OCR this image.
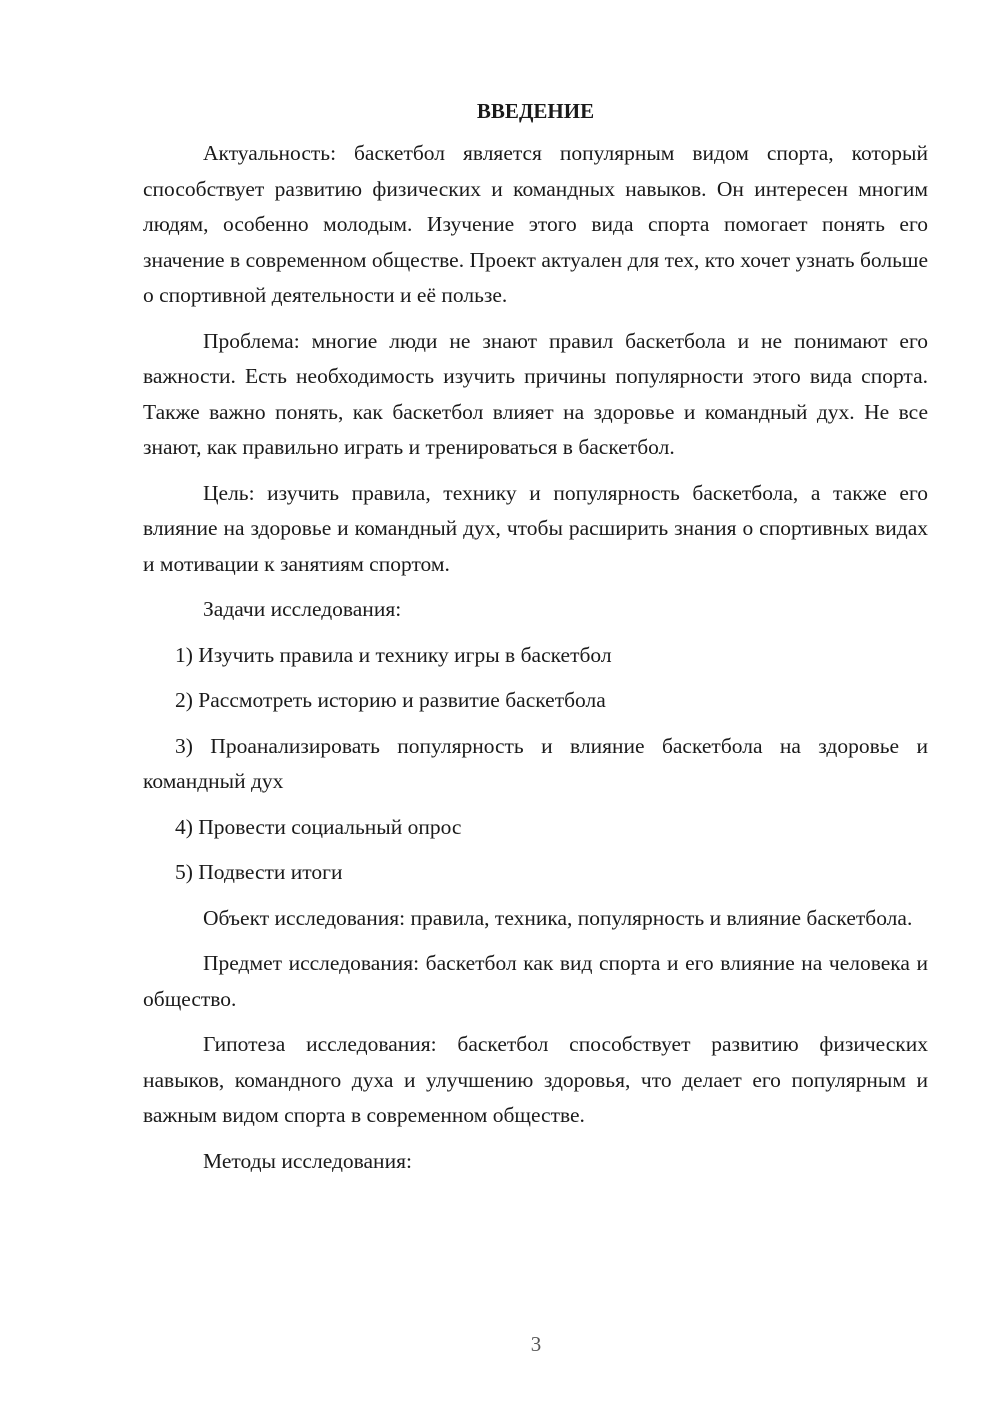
ВВЕДЕНИЕ

Актуальность: баскетбол является популярным видом спорта, который способствует развитию физических и командных навыков. Он интересен многим людям, особенно молодым. Изучение этого вида спорта помогает понять его значение в современном обществе. Проект актуален для тех, кто хочет узнать больше о спортивной деятельности и её пользе.

Проблема: многие люди не знают правил баскетбола и не понимают его важности. Есть необходимость изучить причины популярности этого вида спорта. Также важно понять, как баскетбол влияет на здоровье и командный дух. Не все знают, как правильно играть и тренироваться в баскетбол.

Цель: изучить правила, технику и популярность баскетбола, а также его влияние на здоровье и командный дух, чтобы расширить знания о спортивных видах и мотивации к занятиям спортом.

Задачи исследования:

1) Изучить правила и технику игры в баскетбол

2) Рассмотреть историю и развитие баскетбола

3) Проанализировать популярность и влияние баскетбола на здоровье и командный дух

4) Провести социальный опрос

5) Подвести итоги

Объект исследования: правила, техника, популярность и влияние баскетбола.

Предмет исследования: баскетбол как вид спорта и его влияние на человека и общество.

Гипотеза исследования: баскетбол способствует развитию физических навыков, командного духа и улучшению здоровья, что делает его популярным и важным видом спорта в современном обществе.

Методы исследования:

3
